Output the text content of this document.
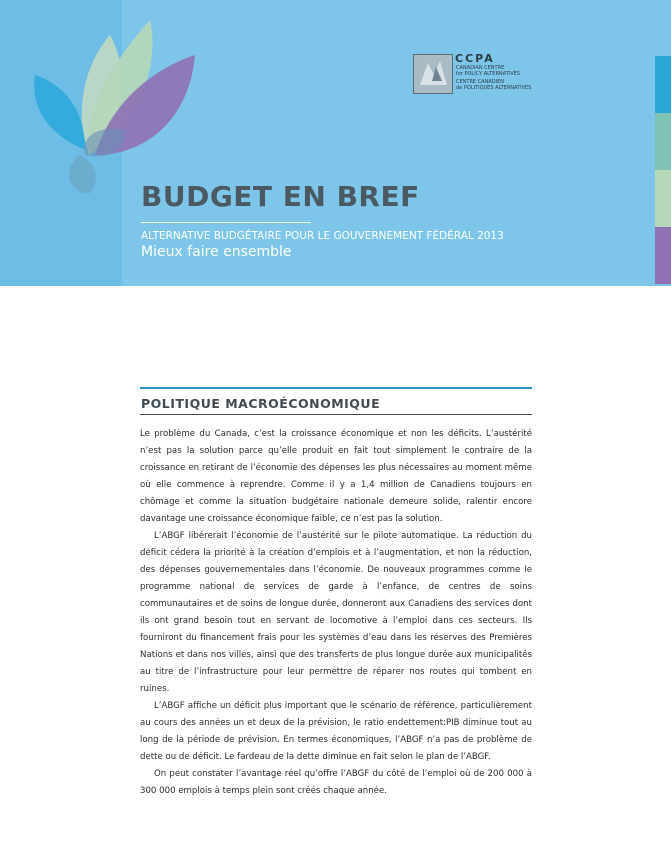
CCPA
CANADIAN CENTRE
for POLICY ALTERNATIVES
CENTRE CANADIEN
de POLITIQUES ALTERNATIVES
BUDGET EN BREF
ALTERNATIVE BUDGÉTAIRE POUR LE GOUVERNEMENT FÉDÉRAL 2013
Mieux faire ensemble
POLITIQUE MACROÉCONOMIQUE

Le problème du Canada, c’est la croissance économique et non les déficits. L’austérité n’est pas la solution parce qu’elle produit en fait tout simplement le contraire de la croissance en retirant de l’économie des dépenses les plus nécessaires au moment même où elle commence à reprendre. Comme il y a 1,4 million de Canadiens toujours en chômage et comme la situation budgétaire nationale demeure solide, ralentir encore davantage une croissance économique faible, ce n’est pas la solution.

L’ABGF libérerait l’économie de l’austérité sur le pilote automatique. La réduction du déficit cédera la priorité à la création d’emplois et à l’augmentation, et non la réduction, des dépenses gouvernementales dans l’économie. De nouveaux programmes comme le programme national de services de garde à l’enfance, de centres de soins communautaires et de soins de longue durée, donneront aux Canadiens des services dont ils ont grand besoin tout en servant de locomotive à l’emploi dans ces secteurs. Ils fourniront du financement frais pour les systèmes d’eau dans les réserves des Premières Nations et dans nos villes, ainsi que des transferts de plus longue durée aux municipalités au titre de l’infrastructure pour leur permettre de réparer nos routes qui tombent en ruines.

L’ABGF affiche un déficit plus important que le scénario de référence, particulièrement au cours des années un et deux de la prévision, le ratio endettement:PIB diminue tout au long de la période de prévision. En termes économiques, l’ABGF n’a pas de problème de dette ou de déficit. Le fardeau de la dette diminue en fait selon le plan de l’ABGF.

On peut constater l’avantage réel qu’offre l’ABGF du côté de l’emploi où de 200 000 à 300 000 emplois à temps plein sont créés chaque année.
